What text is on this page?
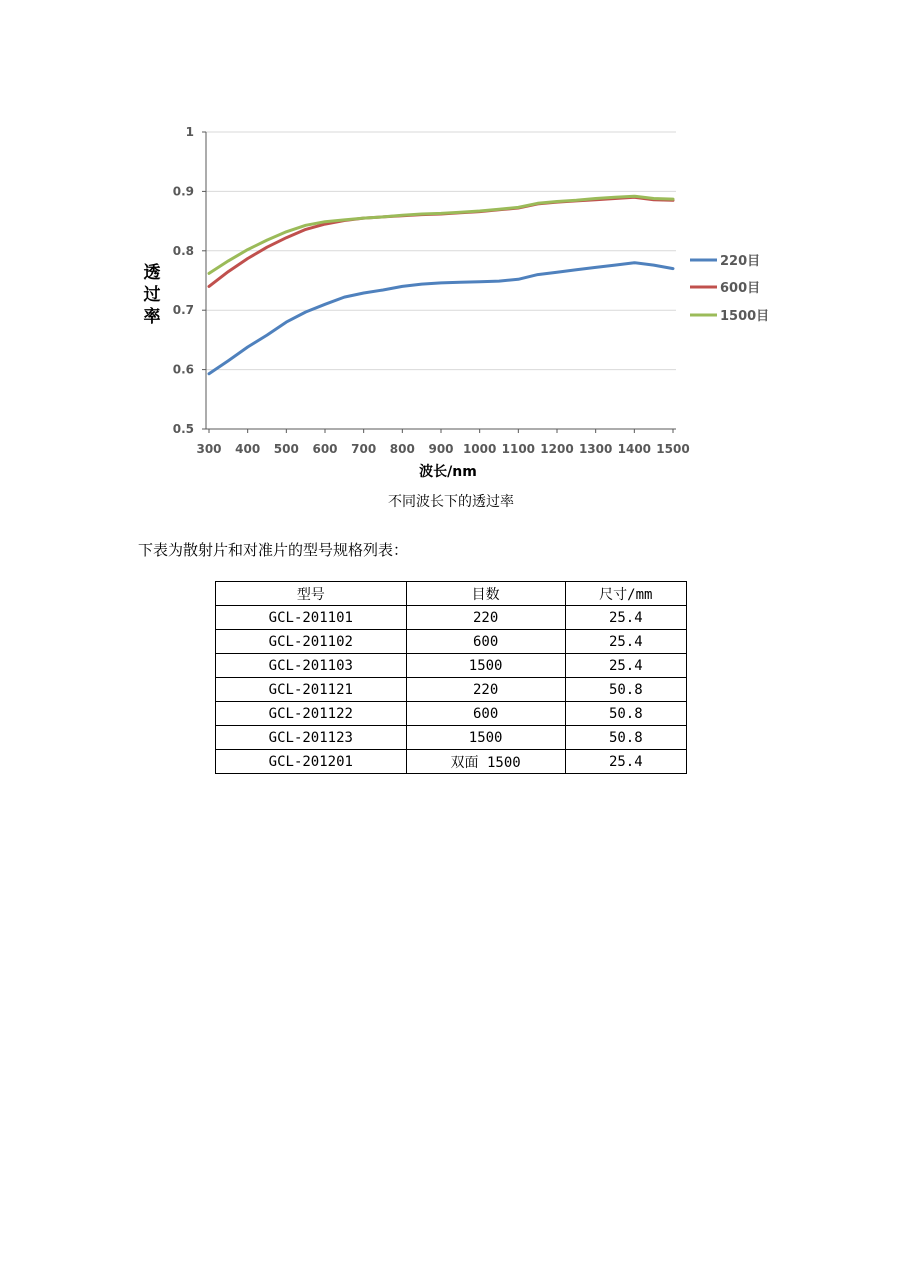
0.5
0.6
0.7
0.8
0.9
1
300 400 500 600 700 800 900 1000 1100 1200 1300 1400 1500
220目
600目
1500目
透
过
率
波长/nm
不同波长下的透过率
下表为散射片和对准片的型号规格列表：
型号	目数	尺寸/mm
GCL-201101	220	25.4
GCL-201102	600	25.4
GCL-201103	1500	25.4
GCL-201121	220	50.8
GCL-201122	600	50.8
GCL-201123	1500	50.8
GCL-201201	双面 1500	25.4
